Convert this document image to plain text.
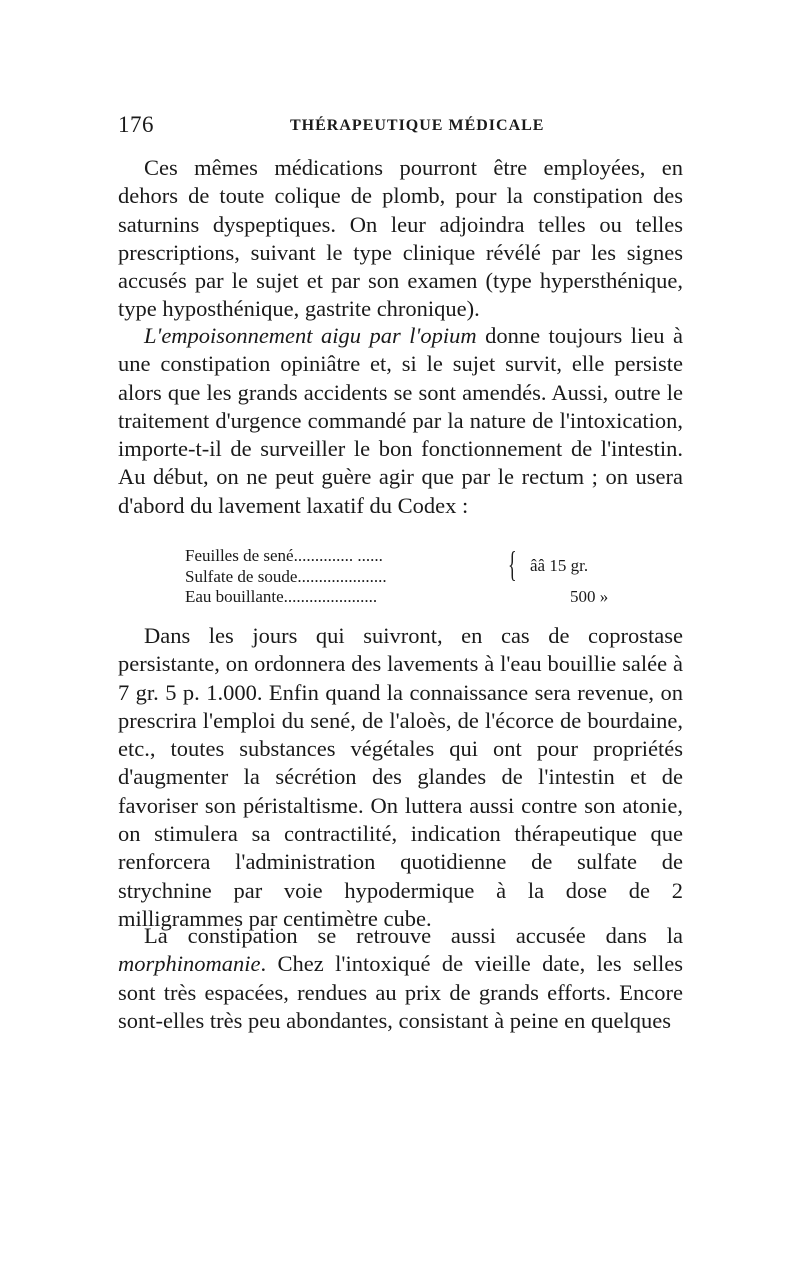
176	THÉRAPEUTIQUE MÉDICALE

Ces mêmes médications pourront être employées, en dehors de toute colique de plomb, pour la constipation des saturnins dyspeptiques. On leur adjoindra telles ou telles prescriptions, suivant le type clinique révélé par les signes accusés par le sujet et par son examen (type hypersthénique, type hyposthénique, gastrite chronique).

L'empoisonnement aigu par l'opium donne toujours lieu à une constipation opiniâtre et, si le sujet survit, elle persiste alors que les grands accidents se sont amendés. Aussi, outre le traitement d'urgence commandé par la nature de l'intoxication, importe-t-il de surveiller le bon fonctionnement de l'intestin. Au début, on ne peut guère agir que par le rectum ; on usera d'abord du lavement laxatif du Codex :

Feuilles de sené.............. ......
Sulfate de soude.....................
Eau bouillante......................	500 »
{ ââ 15 gr.

Dans les jours qui suivront, en cas de coprostase persistante, on ordonnera des lavements à l'eau bouillie salée à 7 gr. 5 p. 1.000. Enfin quand la connaissance sera revenue, on prescrira l'emploi du sené, de l'aloès, de l'écorce de bourdaine, etc., toutes substances végétales qui ont pour propriétés d'augmenter la sécrétion des glandes de l'intestin et de favoriser son péristaltisme. On luttera aussi contre son atonie, on stimulera sa contractilité, indication thérapeutique que renforcera l'administration quotidienne de sulfate de strychnine par voie hypodermique à la dose de 2 milligrammes par centimètre cube.

La constipation se retrouve aussi accusée dans la morphinomanie. Chez l'intoxiqué de vieille date, les selles sont très espacées, rendues au prix de grands efforts. Encore sont-elles très peu abondantes, consistant à peine en quelques
